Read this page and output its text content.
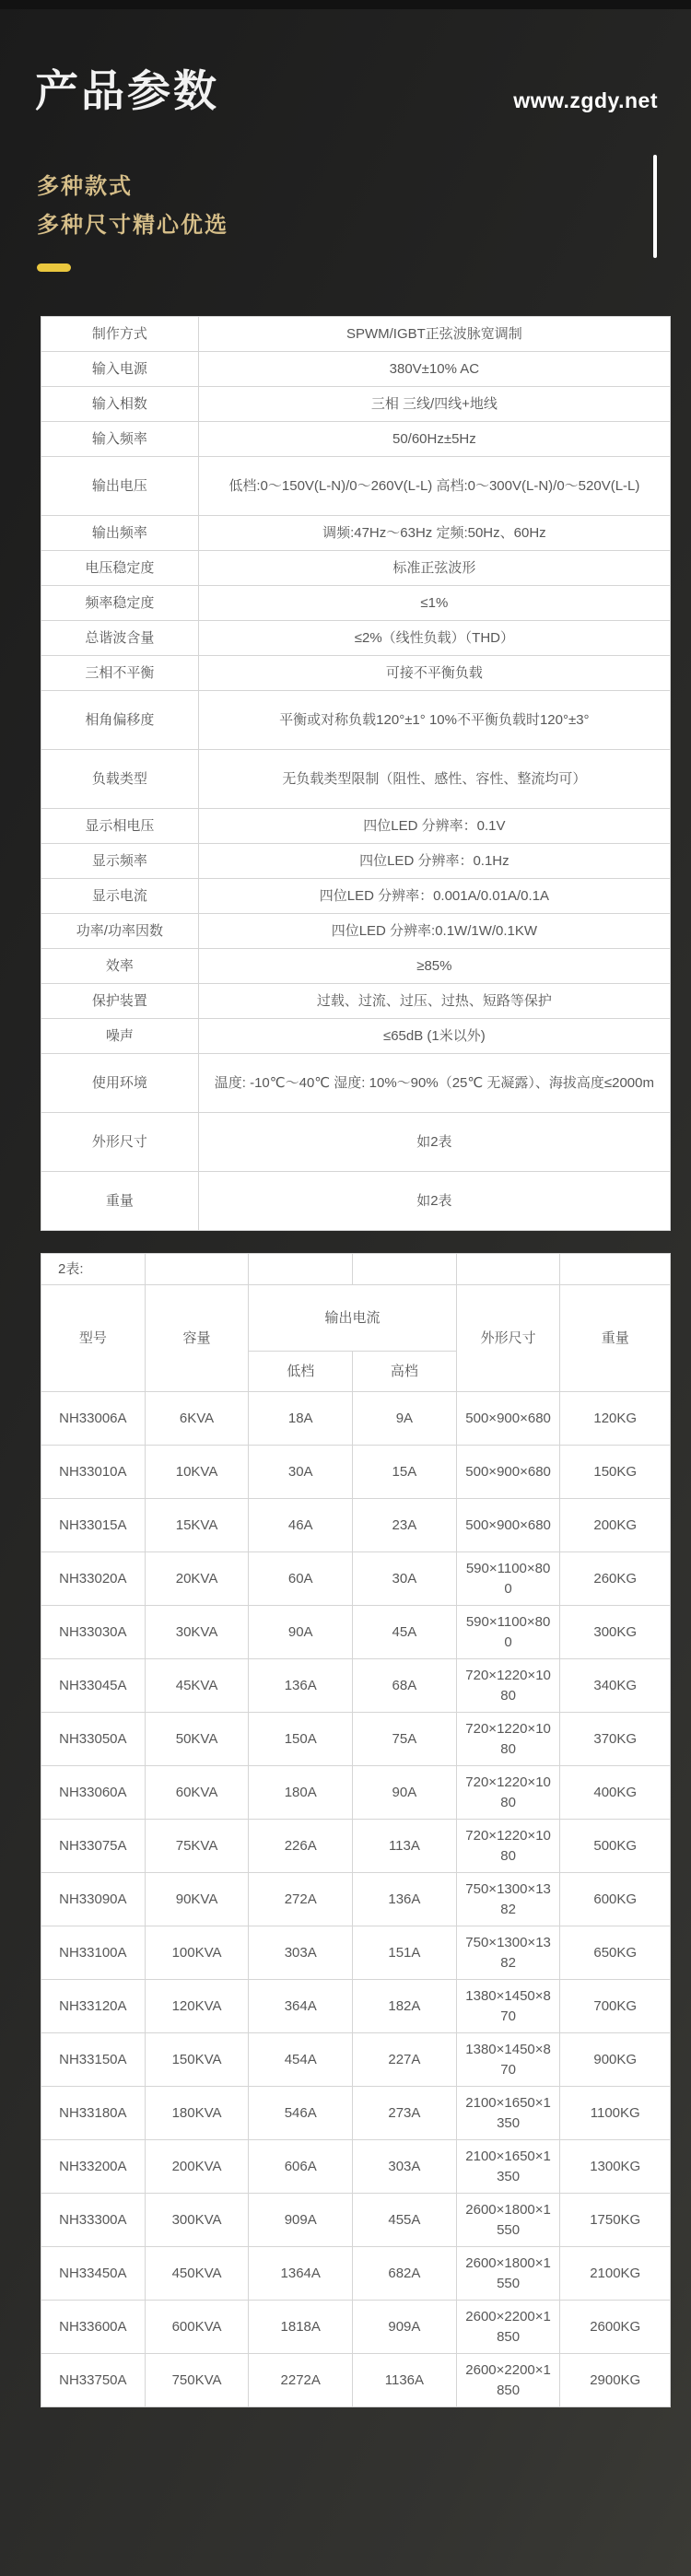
产品参数	www.zgdy.net
多种款式
多种尺寸精心优选
制作方式	SPWM/IGBT正弦波脉宽调制
输入电源	380V±10% AC
输入相数	三相 三线/四线+地线
输入频率	50/60Hz±5Hz
输出电压	低档:0～150V(L-N)/0～260V(L-L) 高档:0～300V(L-N)/0～520V(L-L)
输出频率	调频:47Hz～63Hz 定频:50Hz、60Hz
电压稳定度	标准正弦波形
频率稳定度	≤1%
总谐波含量	≤2%（线性负载）（THD）
三相不平衡	可接不平衡负载
相角偏移度	平衡或对称负载120°±1° 10%不平衡负载时120°±3°
负载类型	无负载类型限制（阻性、感性、容性、整流均可）
显示相电压	四位LED 分辨率：0.1V
显示频率	四位LED 分辨率：0.1Hz
显示电流	四位LED 分辨率：0.001A/0.01A/0.1A
功率/功率因数	四位LED 分辨率:0.1W/1W/0.1KW
效率	≥85%
保护装置	过载、过流、过压、过热、短路等保护
噪声	≤65dB (1米以外)
使用环境	温度: -10℃～40℃ 湿度: 10%～90%（25℃ 无凝露）、海拔高度≤2000m
外形尺寸	如2表
重量	如2表
2表:					
型号	容量	输出电流		外形尺寸	重量
		低档	高档		
NH33006A	6KVA	18A	9A	500×900×680	120KG
NH33010A	10KVA	30A	15A	500×900×680	150KG
NH33015A	15KVA	46A	23A	500×900×680	200KG
NH33020A	20KVA	60A	30A	590×1100×800	260KG
NH33030A	30KVA	90A	45A	590×1100×800	300KG
NH33045A	45KVA	136A	68A	720×1220×1080	340KG
NH33050A	50KVA	150A	75A	720×1220×1080	370KG
NH33060A	60KVA	180A	90A	720×1220×1080	400KG
NH33075A	75KVA	226A	113A	720×1220×1080	500KG
NH33090A	90KVA	272A	136A	750×1300×1382	600KG
NH33100A	100KVA	303A	151A	750×1300×1382	650KG
NH33120A	120KVA	364A	182A	1380×1450×870	700KG
NH33150A	150KVA	454A	227A	1380×1450×870	900KG
NH33180A	180KVA	546A	273A	2100×1650×1350	1100KG
NH33200A	200KVA	606A	303A	2100×1650×1350	1300KG
NH33300A	300KVA	909A	455A	2600×1800×1550	1750KG
NH33450A	450KVA	1364A	682A	2600×1800×1550	2100KG
NH33600A	600KVA	1818A	909A	2600×2200×1850	2600KG
NH33750A	750KVA	2272A	1136A	2600×2200×1850	2900KG
